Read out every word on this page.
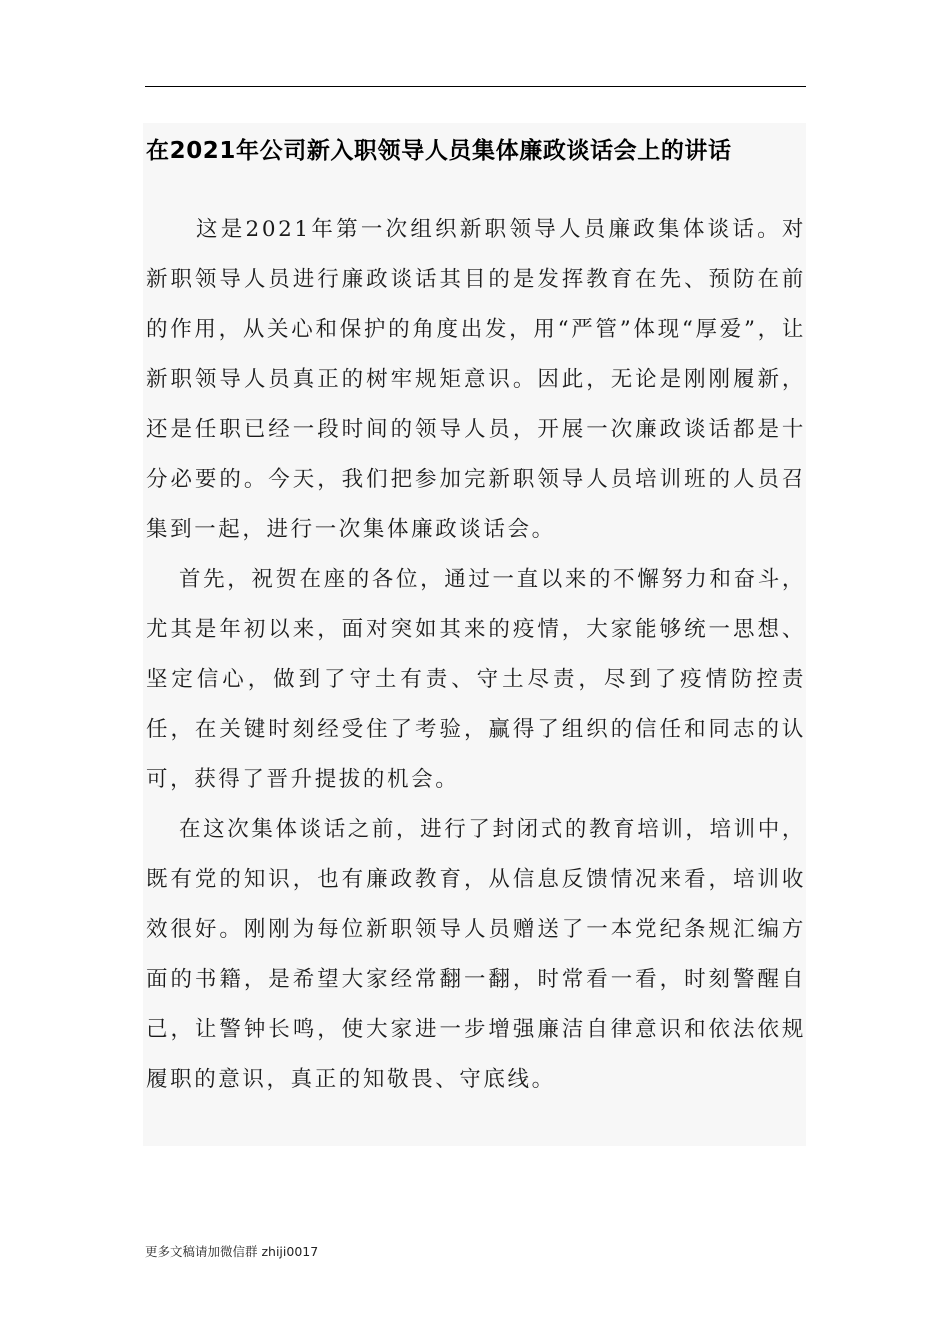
在2021年公司新入职领导人员集体廉政谈话会上的讲话

这是2021年第一次组织新职领导人员廉政集体谈话。对新职领导人员进行廉政谈话其目的是发挥教育在先、预防在前的作用，从关心和保护的角度出发，用“严管”体现“厚爱”，让新职领导人员真正的树牢规矩意识。因此，无论是刚刚履新，还是任职已经一段时间的领导人员，开展一次廉政谈话都是十分必要的。今天，我们把参加完新职领导人员培训班的人员召集到一起，进行一次集体廉政谈话会。

首先，祝贺在座的各位，通过一直以来的不懈努力和奋斗，尤其是年初以来，面对突如其来的疫情，大家能够统一思想、坚定信心，做到了守土有责、守土尽责，尽到了疫情防控责任，在关键时刻经受住了考验，赢得了组织的信任和同志的认可，获得了晋升提拔的机会。

在这次集体谈话之前，进行了封闭式的教育培训，培训中，既有党的知识，也有廉政教育，从信息反馈情况来看，培训收效很好。刚刚为每位新职领导人员赠送了一本党纪条规汇编方面的书籍，是希望大家经常翻一翻，时常看一看，时刻警醒自己，让警钟长鸣，使大家进一步增强廉洁自律意识和依法依规履职的意识，真正的知敬畏、守底线。

更多文稿请加微信群 zhiji0017
